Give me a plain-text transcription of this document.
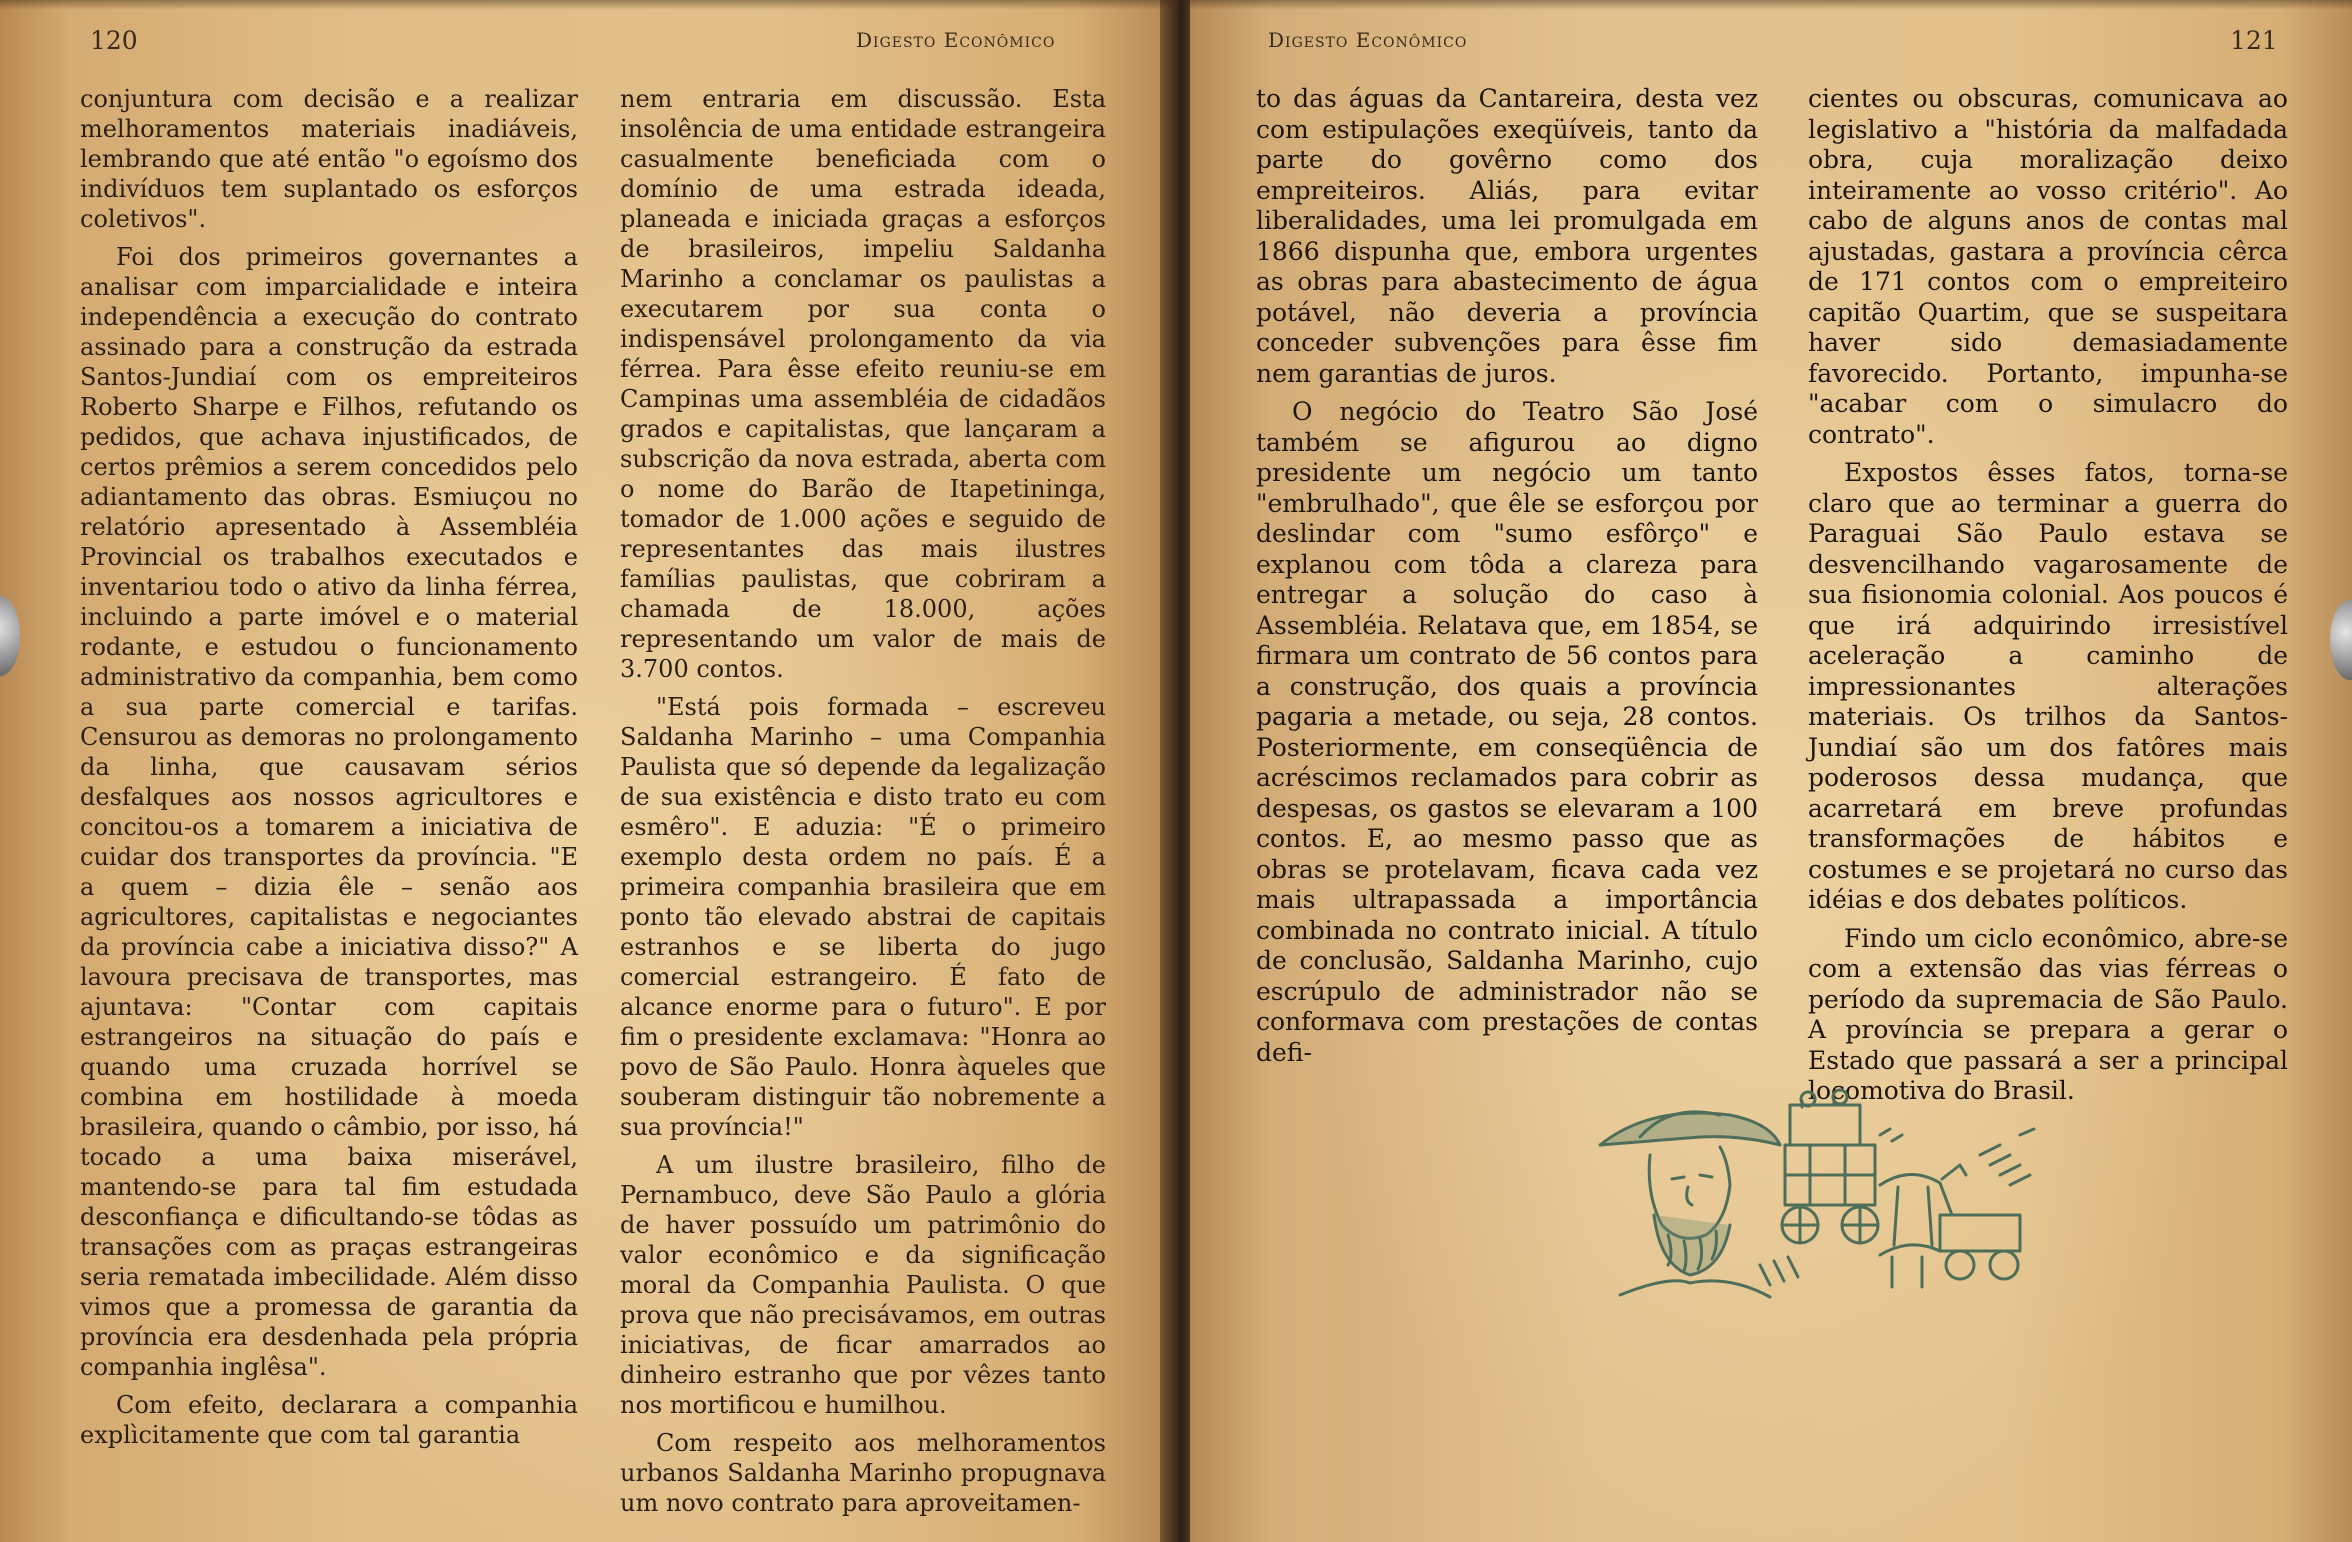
120	Digesto Econômico

conjuntura com decisão e a realizar melhoramentos materiais inadiáveis, lembrando que até então "o egoísmo dos indivíduos tem suplantado os esforços coletivos".

Foi dos primeiros governantes a analisar com imparcialidade e inteira independência a execução do contrato assinado para a construção da estrada Santos-Jundiaí com os empreiteiros Roberto Sharpe e Filhos, refutando os pedidos, que achava injustificados, de certos prêmios a serem concedidos pelo adiantamento das obras. Esmiuçou no relatório apresentado à Assembléia Provincial os trabalhos executados e inventariou todo o ativo da linha férrea, incluindo a parte imóvel e o material rodante, e estudou o funcionamento administrativo da companhia, bem como a sua parte comercial e tarifas. Censurou as demoras no prolongamento da linha, que causavam sérios desfalques aos nossos agricultores e concitou-os a tomarem a iniciativa de cuidar dos transportes da província. "E a quem – dizia êle – senão aos agricultores, capitalistas e negociantes da província cabe a iniciativa disso?" A lavoura precisava de transportes, mas ajuntava: "Contar com capitais estrangeiros na situação do país e quando uma cruzada horrível se combina em hostilidade à moeda brasileira, quando o câmbio, por isso, há tocado a uma baixa miserável, mantendo-se para tal fim estudada desconfiança e dificultando-se tôdas as transações com as praças estrangeiras seria rematada imbecilidade. Além disso vimos que a promessa de garantia da província era desdenhada pela própria companhia inglêsa".

Com efeito, declarara a companhia explìcitamente que com tal garantia

nem entraria em discussão. Esta insolência de uma entidade estrangeira casualmente beneficiada com o domínio de uma estrada ideada, planeada e iniciada graças a esforços de brasileiros, impeliu Saldanha Marinho a conclamar os paulistas a executarem por sua conta o indispensável prolongamento da via férrea. Para êsse efeito reuniu-se em Campinas uma assembléia de cidadãos grados e capitalistas, que lançaram a subscrição da nova estrada, aberta com o nome do Barão de Itapetininga, tomador de 1.000 ações e seguido de representantes das mais ilustres famílias paulistas, que cobriram a chamada de 18.000, ações representando um valor de mais de 3.700 contos.

"Está pois formada – escreveu Saldanha Marinho – uma Companhia Paulista que só depende da legalização de sua existência e disto trato eu com esmêro". E aduzia: "É o primeiro exemplo desta ordem no país. É a primeira companhia brasileira que em ponto tão elevado abstrai de capitais estranhos e se liberta do jugo comercial estrangeiro. É fato de alcance enorme para o futuro". E por fim o presidente exclamava: "Honra ao povo de São Paulo. Honra àqueles que souberam distinguir tão nobremente a sua província!"

A um ilustre brasileiro, filho de Pernambuco, deve São Paulo a glória de haver possuído um patrimônio do valor econômico e da significação moral da Companhia Paulista. O que prova que não precisávamos, em outras iniciativas, de ficar amarrados ao dinheiro estranho que por vêzes tanto nos mortificou e humilhou.

Com respeito aos melhoramentos urbanos Saldanha Marinho propugnava um novo contrato para aproveitamen-

Digesto Econômico	121

to das águas da Cantareira, desta vez com estipulações exeqüíveis, tanto da parte do govêrno como dos empreiteiros. Aliás, para evitar liberalidades, uma lei promulgada em 1866 dispunha que, embora urgentes as obras para abastecimento de água potável, não deveria a província conceder subvenções para êsse fim nem garantias de juros.

O negócio do Teatro São José também se afigurou ao digno presidente um negócio um tanto "embrulhado", que êle se esforçou por deslindar com "sumo esfôrço" e explanou com tôda a clareza para entregar a solução do caso à Assembléia. Relatava que, em 1854, se firmara um contrato de 56 contos para a construção, dos quais a província pagaria a metade, ou seja, 28 contos. Posteriormente, em conseqüência de acréscimos reclamados para cobrir as despesas, os gastos se elevaram a 100 contos. E, ao mesmo passo que as obras se protelavam, ficava cada vez mais ultrapassada a importância combinada no contrato inicial. A título de conclusão, Saldanha Marinho, cujo escrúpulo de administrador não se conformava com prestações de contas defi-

cientes ou obscuras, comunicava ao legislativo a "história da malfadada obra, cuja moralização deixo inteiramente ao vosso critério". Ao cabo de alguns anos de contas mal ajustadas, gastara a província cêrca de 171 contos com o empreiteiro capitão Quartim, que se suspeitara haver sido demasiadamente favorecido. Portanto, impunha-se "acabar com o simulacro do contrato".

Expostos êsses fatos, torna-se claro que ao terminar a guerra do Paraguai São Paulo estava se desvencilhando vagarosamente de sua fisionomia colonial. Aos poucos é que irá adquirindo irresistível aceleração a caminho de impressionantes alterações materiais. Os trilhos da Santos-Jundiaí são um dos fatôres mais poderosos dessa mudança, que acarretará em breve profundas transformações de hábitos e costumes e se projetará no curso das idéias e dos debates políticos.

Findo um ciclo econômico, abre-se com a extensão das vias férreas o período da supremacia de São Paulo. A província se prepara a gerar o Estado que passará a ser a principal locomotiva do Brasil.
